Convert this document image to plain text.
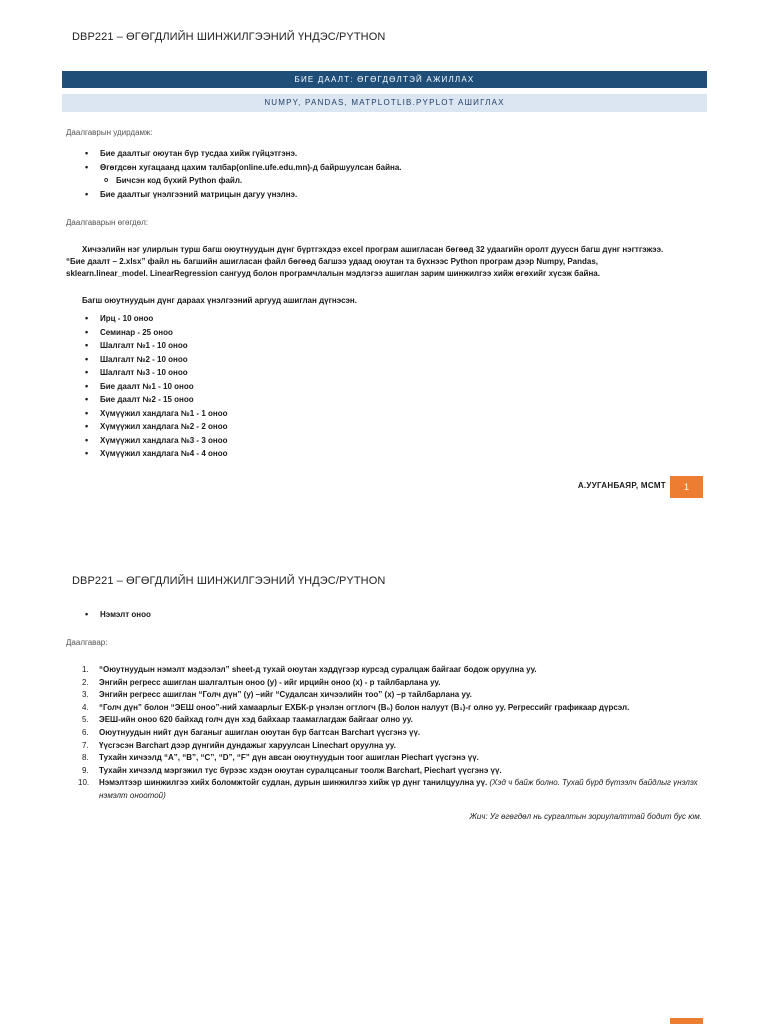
DBP221 – ӨГӨГДЛИЙН ШИНЖИЛГЭЭНИЙ ҮНДЭС/PYTHON
БИЕ ДААЛТ: ӨГӨГДӨЛТЭЙ АЖИЛЛАХ
NUMPY, PANDAS, MATPLOTLIB.PYPLOT АШИГЛАХ
Даалгаврын удирдамж:
• Бие даалтыг оюутан бүр тусдаа хийж гүйцэтгэнэ.
• Өгөгдсөн хугацаанд цахим талбар(online.ufe.edu.mn)-д байршуулсан байна.
o Бичсэн код бүхий Python файл.
• Бие даалтыг үнэлгээний матрицын дагуу үнэлнэ.
Даалгаварын өгөгдөл:
Хичээлийн нэг улирлын турш багш оюутнуудын дүнг бүртгэхдээ excel програм ашигласан бөгөөд 32 удаагийн оролт дууссн багш дүнг нэгтгэжээ.
“Бие даалт – 2.xlsx” файл нь багшийн ашигласан файл бөгөөд багшээ удаад оюутан та бүхнээс Python програм дээр Numpy, Pandas,
sklearn.linear_model. LinearRegression сангууд болон програмчлалын мэдлэгээ ашиглан зарим шинжилгээ хийж өгөхийг хүсэж байна.
Багш оюутнуудын дүнг дараах үнэлгээний аргууд ашиглан дүгнэсэн.
• Ирц - 10 оноо
• Семинар - 25 оноо
• Шалгалт №1 - 10 оноо
• Шалгалт №2 - 10 оноо
• Шалгалт №3 - 10 оноо
• Бие даалт №1 - 10 оноо
• Бие даалт №2 - 15 оноо
• Хүмүүжил хандлага №1 - 1 оноо
• Хүмүүжил хандлага №2 - 2 оноо
• Хүмүүжил хандлага №3 - 3 оноо
• Хүмүүжил хандлага №4 - 4 оноо
А.УУГАНБАЯР, МСМТ	1
DBP221 – ӨГӨГДЛИЙН ШИНЖИЛГЭЭНИЙ ҮНДЭС/PYTHON
• Нэмэлт оноо
Даалгавар:
1. “Оюутнуудын нэмэлт мэдээлэл” sheet-д тухай оюутан хэддүгээр курсэд суралцаж байгааг бодож оруулна уу.
2. Энгийн регресс ашиглан шалгалтын оноо (y) - ийг ирцийн оноо (x) - р тайлбарлана уу.
3. Энгийн регресс ашиглан “Голч дүн” (y) –ийг “Судалсан хичээлийн тоо” (x) –р тайлбарлана уу.
4. “Голч дүн” болон “ЭЕШ оноо”-ний хамаарлыг ЕХБК-р үнэлэн огтлогч (B₀) болон налуут (B₁)-г олно уу. Регрессийг графикаар дүрсэл.
5. ЭЕШ-ийн оноо 620 байхад голч дүн хэд байхаар таамаглагдаж байгааг олно уу.
6. Оюутнуудын нийт дүн баганыг ашиглан оюутан бүр багтсан Barchart үүсгэнэ үү.
7. Үүсгэсэн Barchart дээр дүнгийн дундажыг харуулсан Linechart оруулна уу.
8. Тухайн хичээлд “A”, “B”, “C”, “D”, “F” дүн авсан оюутнуудын тоог ашиглан Piechart үүсгэнэ үү.
9. Тухайн хичээлд мэргэжил тус бүрээс хэдэн оюутан суралцсаныг тоолж Barchart, Piechart үүсгэнэ үү.
10. Нэмэлтээр шинжилгээ хийх боломжтойг судлан, дурын шинжилгээ хийж үр дүнг танилцуулна уү. (Хэд ч байж болно. Тухай бүрд бүтээлч байдлыг үнэлэх нэмэлт оноотой)
Жич: Уг өгөгдөл нь сургалтын зориулалттай бодит бус юм.
